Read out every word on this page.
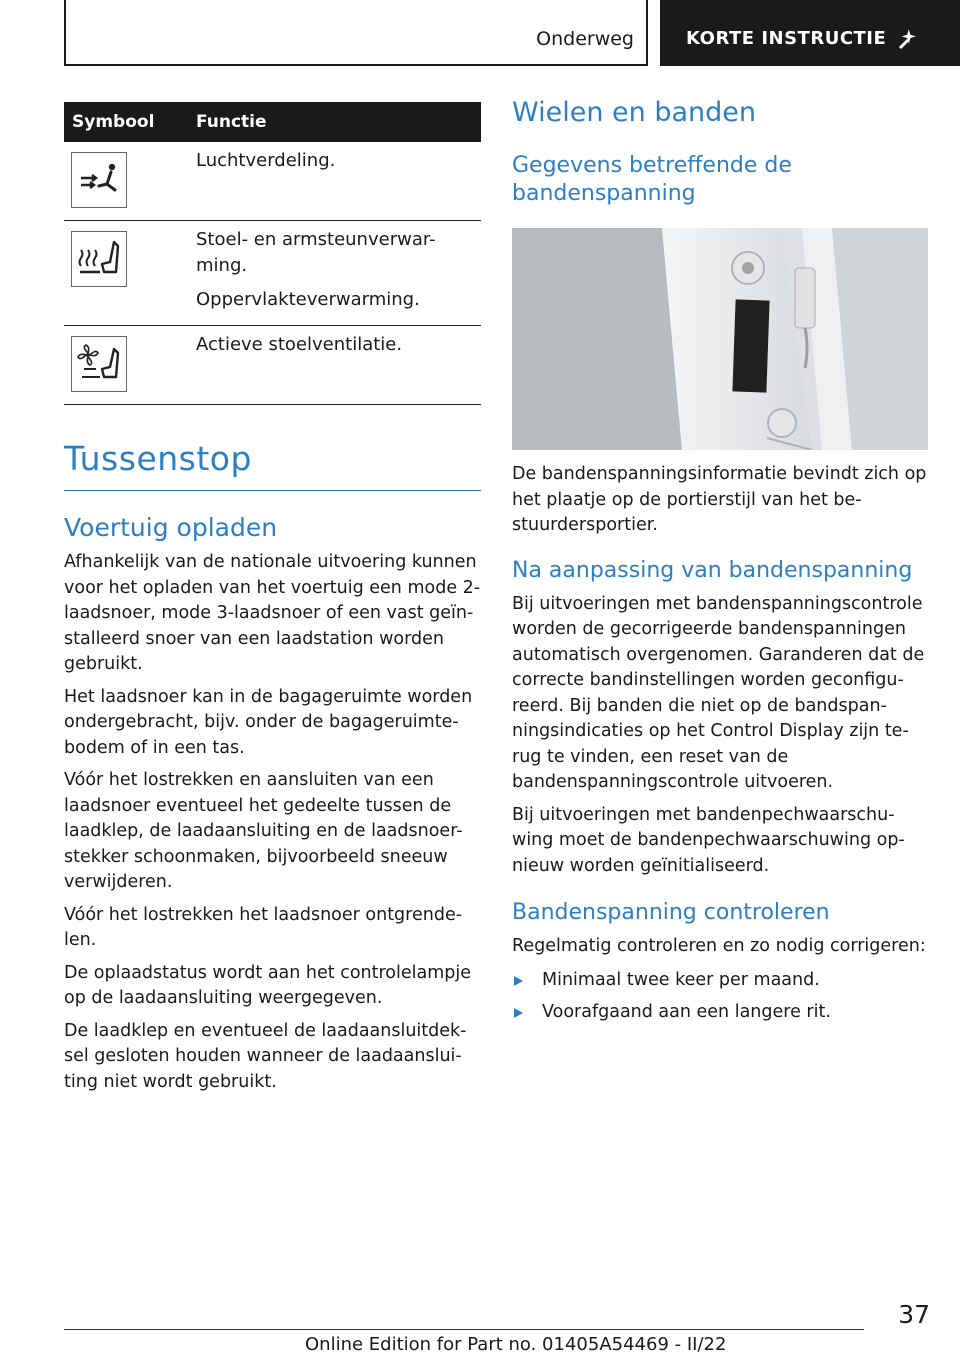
Onderweg	KORTE INSTRUCTIE
Symbool	Functie

Luchtverdeling.

Stoel- en armsteunverwar-ming.

Oppervlakteverwarming.

Actieve stoelventilatie.

Tussenstop
Voertuig opladen

Afhankelijk van de nationale uitvoering kunnen voor het opladen van het voertuig een mode 2-laadsnoer, mode 3-laadsnoer of een vast geïn-stalleerd snoer van een laadstation worden gebruikt.

Het laadsnoer kan in de bagageruimte worden ondergebracht, bijv. onder de bagageruimte-bodem of in een tas.

Vóór het lostrekken en aansluiten van een laadsnoer eventueel het gedeelte tussen de laadklep, de laadaansluiting en de laadsnoer-stekker schoonmaken, bijvoorbeeld sneeuw verwijderen.

Vóór het lostrekken het laadsnoer ontgrende-len.

De oplaadstatus wordt aan het controlelampje op de laadaansluiting weergegeven.

De laadklep en eventueel de laadaansluitdek-sel gesloten houden wanneer de laadaanslui-ting niet wordt gebruikt.

Wielen en banden
Gegevens betreffende de bandenspanning

De bandenspanningsinformatie bevindt zich op het plaatje op de portierstijl van het be-stuurdersportier.

Na aanpassing van bandenspanning

Bij uitvoeringen met bandenspanningscontrole worden de gecorrigeerde bandenspanningen automatisch overgenomen. Garanderen dat de correcte bandinstellingen worden geconfigu-reerd. Bij banden die niet op de bandspan-ningsindicaties op het Control Display zijn te-rug te vinden, een reset van de bandenspanningscontrole uitvoeren.

Bij uitvoeringen met bandenpechwaarschu-wing moet de bandenpechwaarschuwing op-nieuw worden geïnitialiseerd.

Bandenspanning controleren

Regelmatig controleren en zo nodig corrigeren:

Minimaal twee keer per maand.
Voorafgaand aan een langere rit.
37
Online Edition for Part no. 01405A54469 - II/22
